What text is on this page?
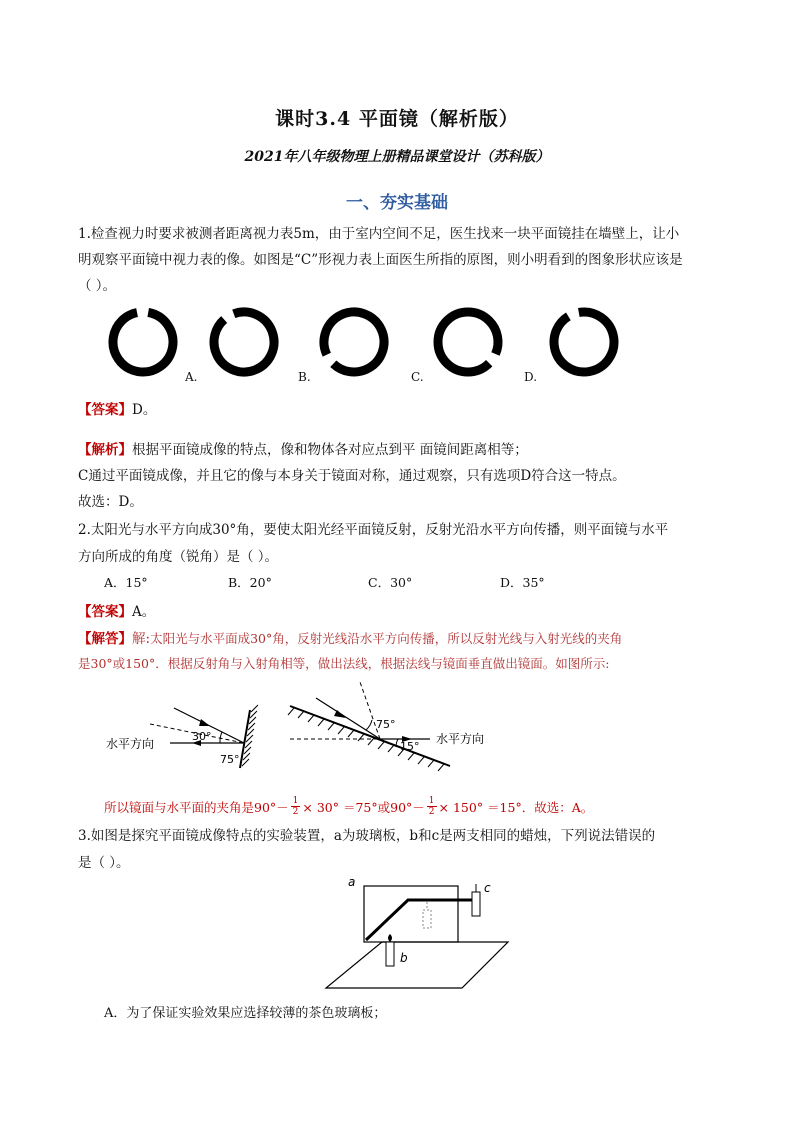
课时3.4 平面镜（解析版）
2021年八年级物理上册精品课堂设计（苏科版）
一、夯实基础
1.检查视力时要求被测者距离视力表5m，由于室内空间不足，医生找来一块平面镜挂在墙壁上，让小
明观察平面镜中视力表的像。如图是“C”形视力表上面医生所指的原图，则小明看到的图象形状应该是
（ ）。
A.	B.	C.	D.
【答案】D。
【解析】根据平面镜成像的特点，像和物体各对应点到平 面镜间距离相等；
C通过平面镜成像，并且它的像与本身关于镜面对称，通过观察，只有选项D符合这一特点。
故选：D。
2.太阳光与水平方向成30°角，要使太阳光经平面镜反射，反射光沿水平方向传播，则平面镜与水平
方向所成的角度（锐角）是（ ）。
A．15°	B．20°	C．30°	D．35°
【答案】A。
【解答】解:太阳光与水平面成30°角，反射光线沿水平方向传播，所以反射光线与入射光线的夹角
是30°或150°．根据反射角与入射角相等，做出法线，根据法线与镜面垂直做出镜面。如图所示:
30°
75°
水平方向
75°
15°
水平方向
所以镜面与水平面的夹角是$90^\circ- \frac{1}{2} \times 30^\circ =75^\circ$或$90^\circ- \frac{1}{2} \times 150^\circ =15^\circ$．故选：A。
3.如图是探究平面镜成像特点的实验装置，a为玻璃板，b和c是两支相同的蜡烛，下列说法错误的
是（ ）。
a
b
c
A．为了保证实验效果应选择较薄的茶色玻璃板；
